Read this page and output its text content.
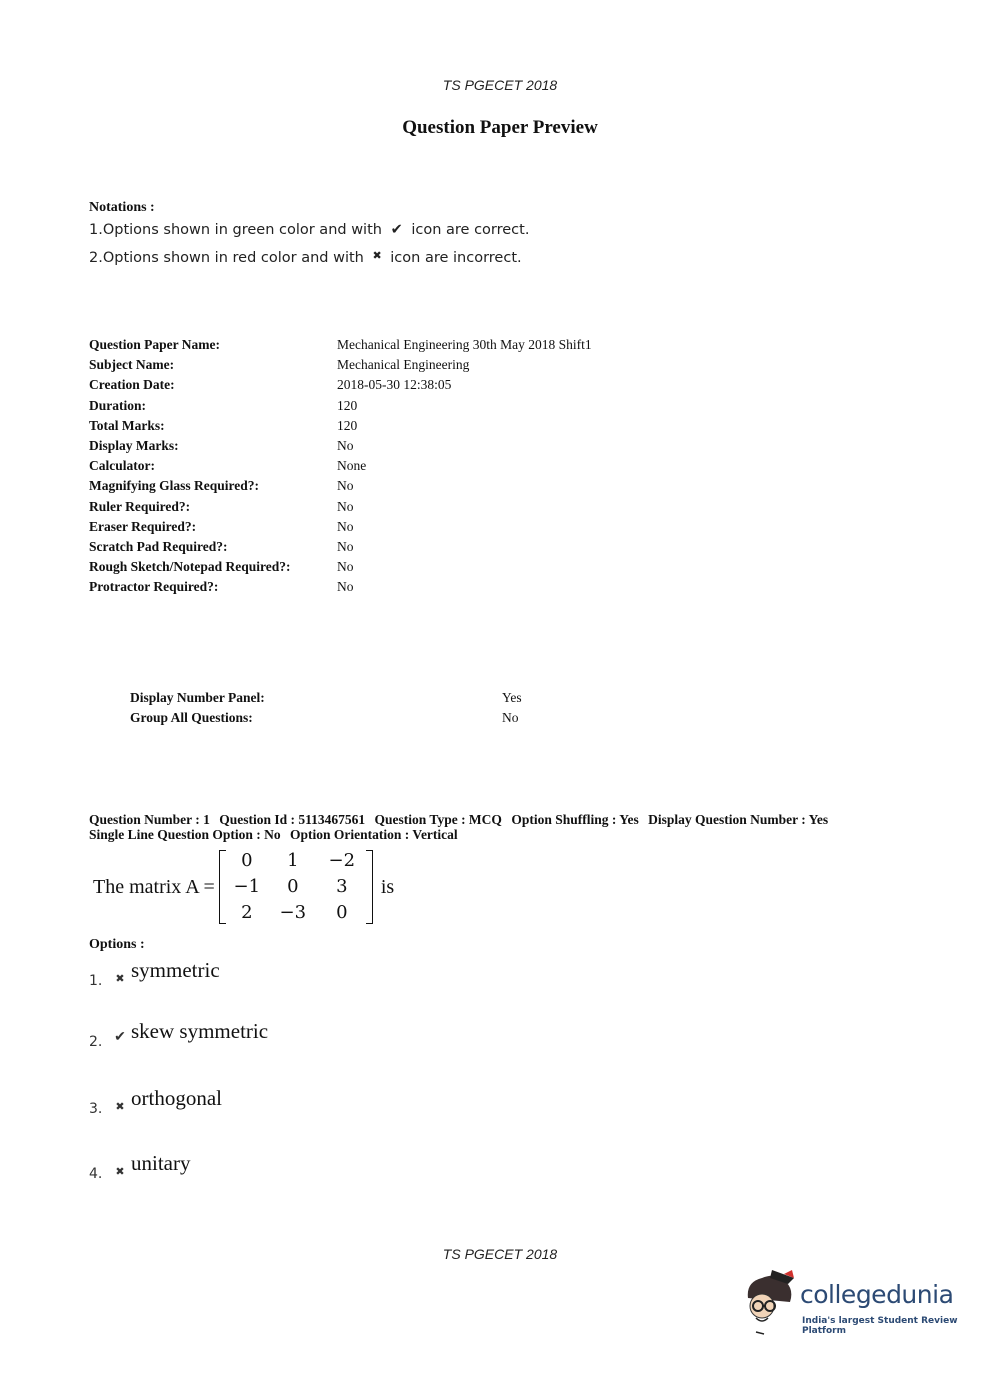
TS PGECET 2018
Question Paper Preview
Notations :
1.Options shown in green color and with ✔ icon are correct.
2.Options shown in red color and with ✖ icon are incorrect.
Question Paper Name:	Mechanical Engineering 30th May 2018 Shift1
Subject Name:	Mechanical Engineering
Creation Date:	2018-05-30 12:38:05
Duration:	120
Total Marks:	120
Display Marks:	No
Calculator:	None
Magnifying Glass Required?:	No
Ruler Required?:	No
Eraser Required?:	No
Scratch Pad Required?:	No
Rough Sketch/Notepad Required?:	No
Protractor Required?:	No
Display Number Panel:	Yes
Group All Questions:	No
Question Number : 1 Question Id : 5113467561 Question Type : MCQ Option Shuffling : Yes Display Question Number : Yes
Single Line Question Option : No Option Orientation : Vertical
The matrix A =
0	1	−2
−1	0	3
2	−3	0
is
Options :
1.	✖ symmetric
2. ✔ skew symmetric
3.	✖ orthogonal
4.	✖ unitary
TS PGECET 2018
collegedunia
India's largest Student Review Platform
